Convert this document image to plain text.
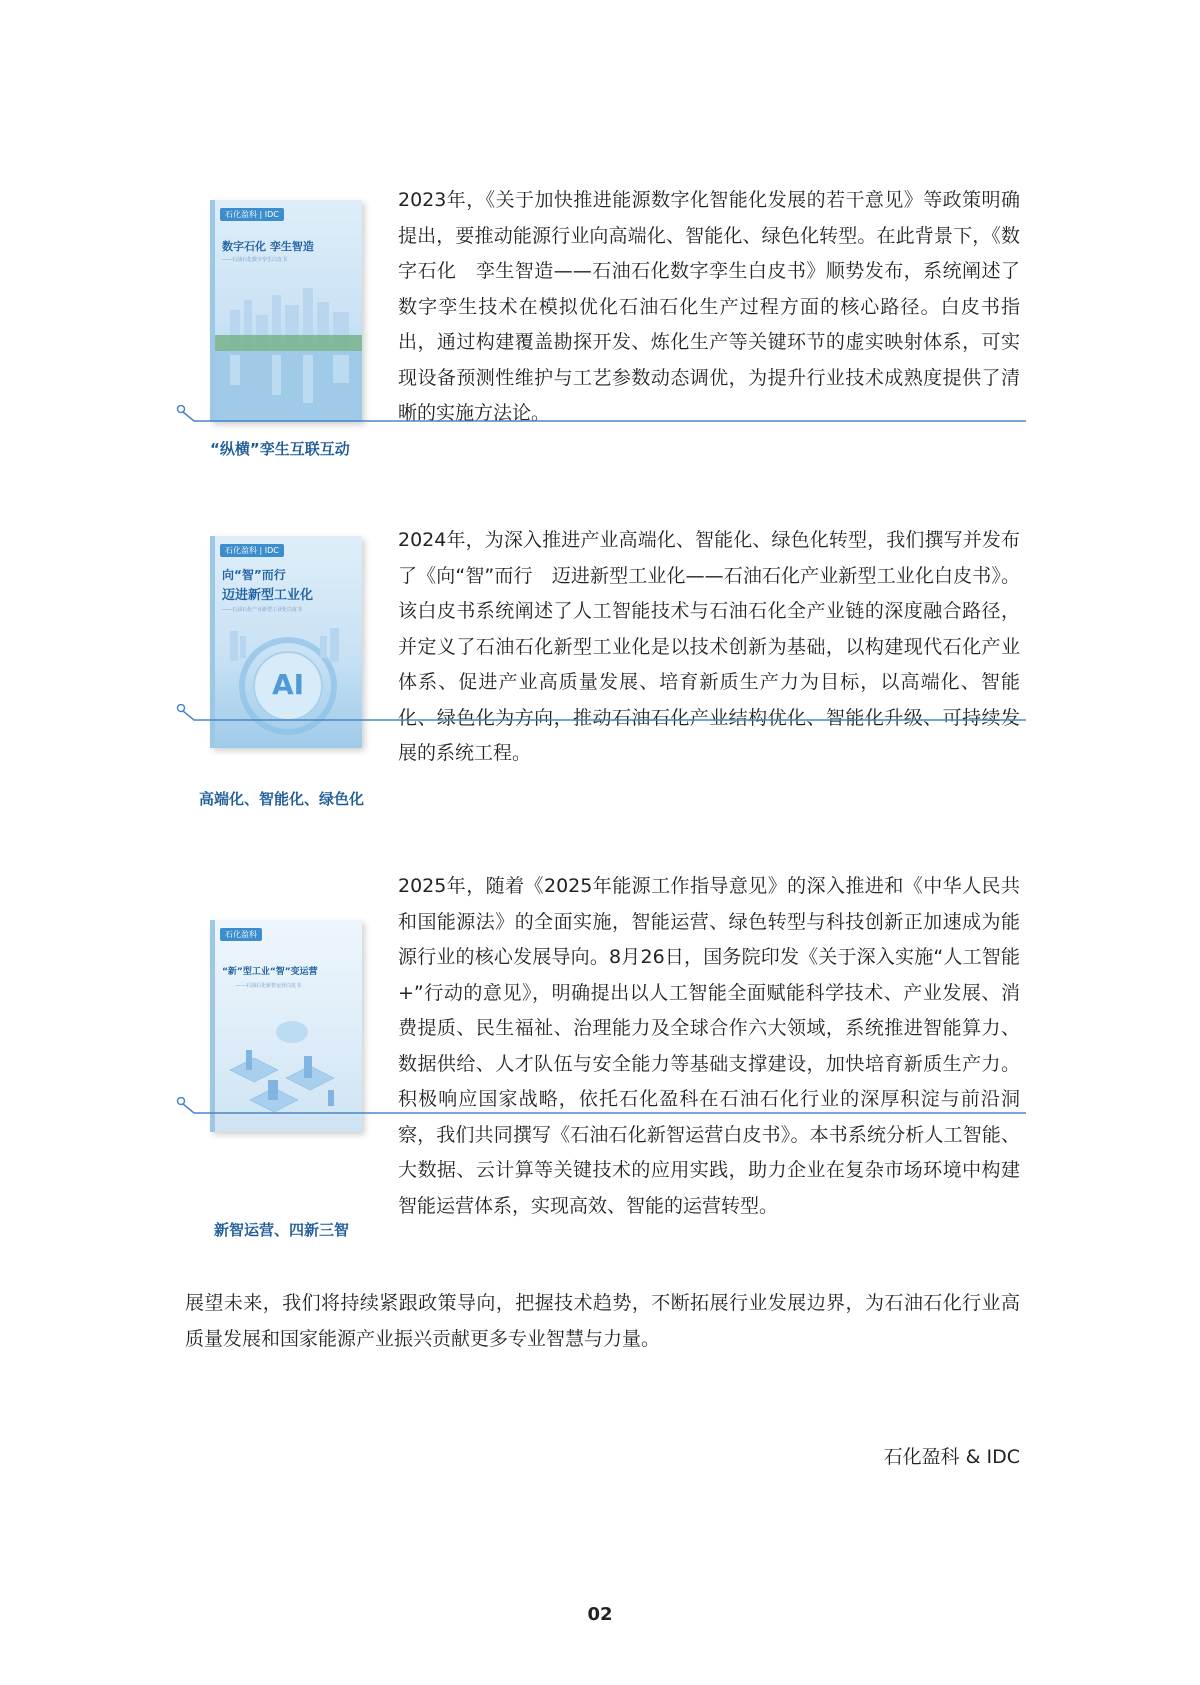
石化盈科 | IDC
数字石化 孪生智造
——石油石化数字孪生白皮书

2023年，《关于加快推进能源数字化智能化发展的若干意见》等政策明确提出，要推动能源行业向高端化、智能化、绿色化转型。在此背景下，《数字石化　孪生智造——石油石化数字孪生白皮书》顺势发布，系统阐述了数字孪生技术在模拟优化石油石化生产过程方面的核心路径。白皮书指出，通过构建覆盖勘探开发、炼化生产等关键环节的虚实映射体系，可实现设备预测性维护与工艺参数动态调优，为提升行业技术成熟度提供了清晰的实施方法论。

“纵横”孪生互联互动
石化盈科 | IDC
向“智”而行
迈进新型工业化
——石油石化产业新型工业化白皮书
AI

2024年，为深入推进产业高端化、智能化、绿色化转型，我们撰写并发布了《向“智”而行　迈进新型工业化——石油石化产业新型工业化白皮书》。该白皮书系统阐述了人工智能技术与石油石化全产业链的深度融合路径，并定义了石油石化新型工业化是以技术创新为基础，以构建现代石化产业体系、促进产业高质量发展、培育新质生产力为目标，以高端化、智能化、绿色化为方向，推动石油石化产业结构优化、智能化升级、可持续发展的系统工程。

高端化、智能化、绿色化
石化盈科
“新”型工业“智”变运营
——石油石化新智运营白皮书

2025年，随着《2025年能源工作指导意见》的深入推进和《中华人民共和国能源法》的全面实施，智能运营、绿色转型与科技创新正加速成为能源行业的核心发展导向。8月26日，国务院印发《关于深入实施“人工智能+”行动的意见》，明确提出以人工智能全面赋能科学技术、产业发展、消费提质、民生福祉、治理能力及全球合作六大领域，系统推进智能算力、数据供给、人才队伍与安全能力等基础支撑建设，加快培育新质生产力。积极响应国家战略，依托石化盈科在石油石化行业的深厚积淀与前沿洞察，我们共同撰写《石油石化新智运营白皮书》。本书系统分析人工智能、大数据、云计算等关键技术的应用实践，助力企业在复杂市场环境中构建智能运营体系，实现高效、智能的运营转型。

新智运营、四新三智

展望未来，我们将持续紧跟政策导向，把握技术趋势，不断拓展行业发展边界，为石油石化行业高质量发展和国家能源产业振兴贡献更多专业智慧与力量。

石化盈科 & IDC
02
